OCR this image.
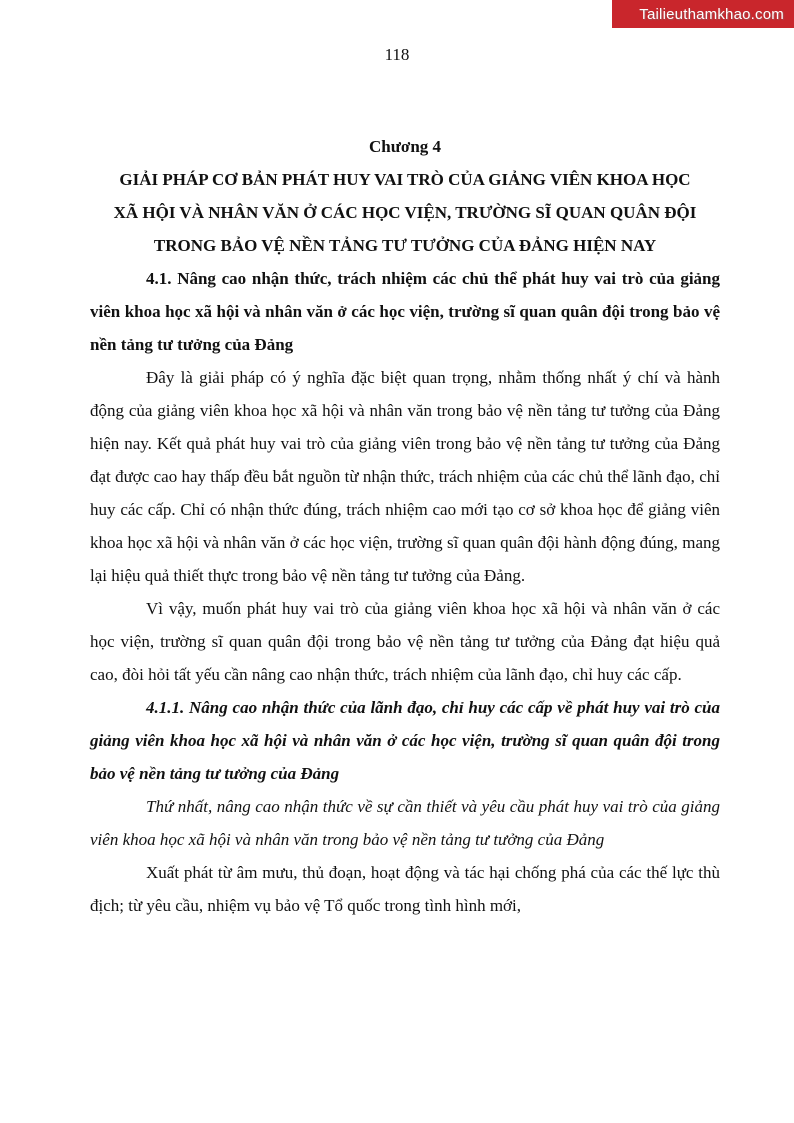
Tailieuthamkhao.com
118
Chương 4
GIẢI PHÁP CƠ BẢN PHÁT HUY VAI TRÒ CỦA GIẢNG VIÊN KHOA HỌC
XÃ HỘI VÀ NHÂN VĂN Ở CÁC HỌC VIỆN, TRƯỜNG SĨ QUAN QUÂN ĐỘI
TRONG BẢO VỆ NỀN TẢNG TƯ TƯỞNG CỦA ĐẢNG HIỆN NAY

4.1. Nâng cao nhận thức, trách nhiệm các chủ thể phát huy vai trò của giảng viên khoa học xã hội và nhân văn ở các học viện, trường sĩ quan quân đội trong bảo vệ nền tảng tư tưởng của Đảng

Đây là giải pháp có ý nghĩa đặc biệt quan trọng, nhằm thống nhất ý chí và hành động của giảng viên khoa học xã hội và nhân văn trong bảo vệ nền tảng tư tưởng của Đảng hiện nay. Kết quả phát huy vai trò của giảng viên trong bảo vệ nền tảng tư tưởng của Đảng đạt được cao hay thấp đều bắt nguồn từ nhận thức, trách nhiệm của các chủ thể lãnh đạo, chỉ huy các cấp. Chỉ có nhận thức đúng, trách nhiệm cao mới tạo cơ sở khoa học để giảng viên khoa học xã hội và nhân văn ở các học viện, trường sĩ quan quân đội hành động đúng, mang lại hiệu quả thiết thực trong bảo vệ nền tảng tư tưởng của Đảng.

Vì vậy, muốn phát huy vai trò của giảng viên khoa học xã hội và nhân văn ở các học viện, trường sĩ quan quân đội trong bảo vệ nền tảng tư tưởng của Đảng đạt hiệu quả cao, đòi hỏi tất yếu cần nâng cao nhận thức, trách nhiệm của lãnh đạo, chỉ huy các cấp.

4.1.1. Nâng cao nhận thức của lãnh đạo, chỉ huy các cấp về phát huy vai trò của giảng viên khoa học xã hội và nhân văn ở các học viện, trường sĩ quan quân đội trong bảo vệ nền tảng tư tưởng của Đảng

Thứ nhất, nâng cao nhận thức về sự cần thiết và yêu cầu phát huy vai trò của giảng viên khoa học xã hội và nhân văn trong bảo vệ nền tảng tư tưởng của Đảng

Xuất phát từ âm mưu, thủ đoạn, hoạt động và tác hại chống phá của các thế lực thù địch; từ yêu cầu, nhiệm vụ bảo vệ Tổ quốc trong tình hình mới,
